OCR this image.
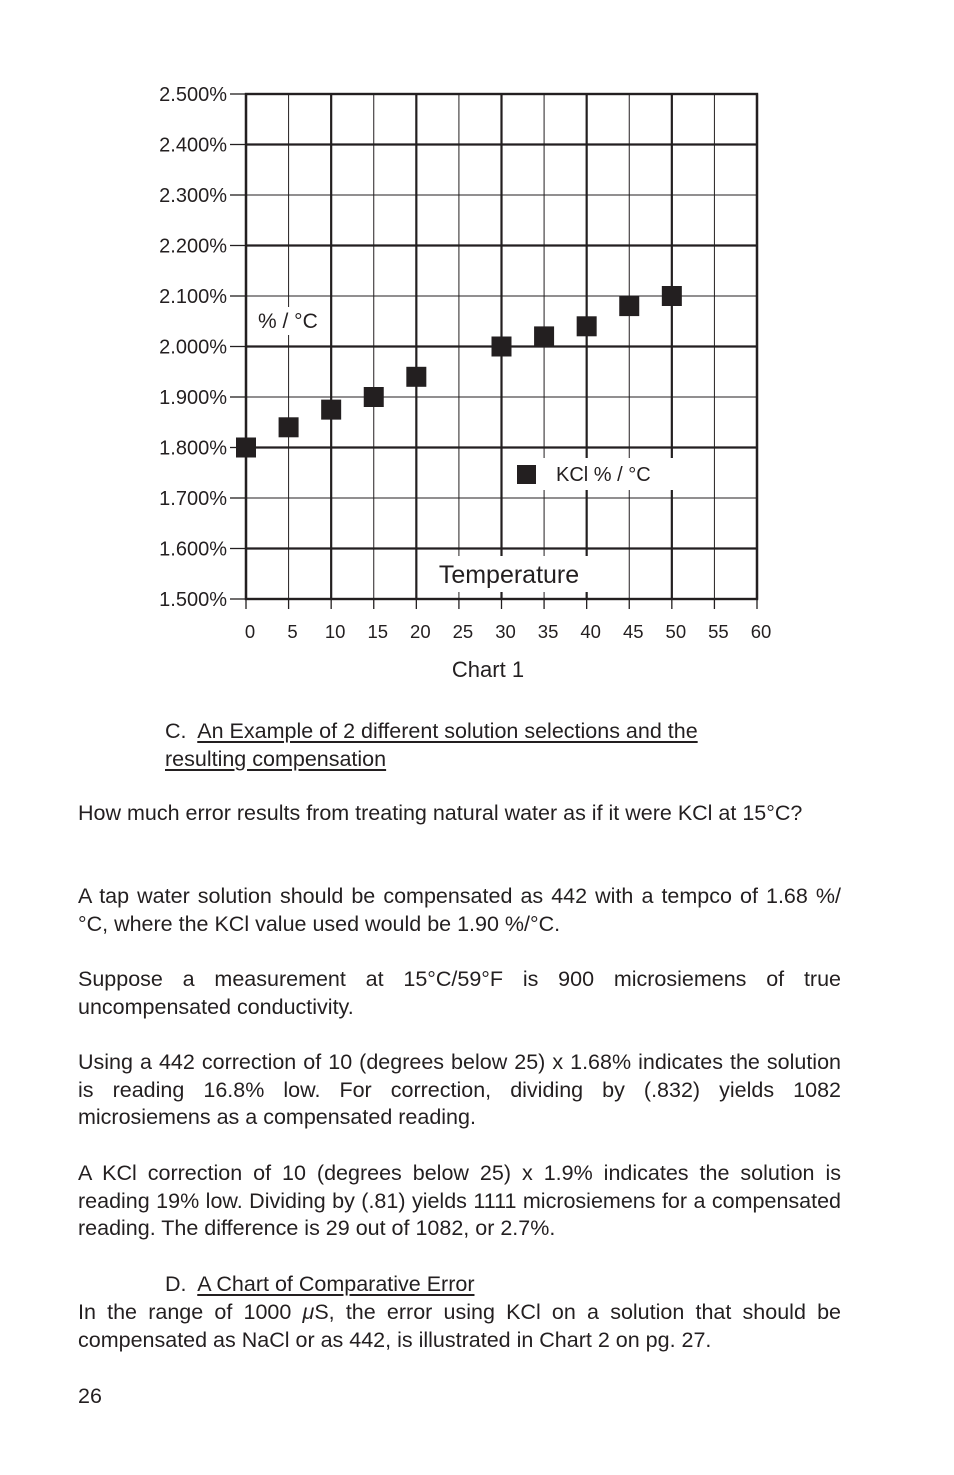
0 5 10 15 20 25 30 35 40 45 50 55 60
1.500%
1.600%
1.700%
1.800%
1.900%
2.000%
2.100%
2.200%
2.300%
2.400%
2.500%
% / °C
KCl % / °C
Temperature
Chart 1
C. An Example of 2 different solution selections and the
resulting compensation

How much error results from treating natural water as if it were KCl at 15°C?

A tap water solution should be compensated as 442 with a tempco of 1.68 %/°C, where the KCl value used would be 1.90 %/°C.

Suppose a measurement at 15°C/59°F is 900 microsiemens of true uncompensated conductivity.

Using a 442 correction of 10 (degrees below 25) x 1.68% indicates the solution is reading 16.8% low. For correction, dividing by (.832) yields 1082 microsiemens as a compensated reading.

A KCl correction of 10 (degrees below 25) x 1.9% indicates the solution is reading 19% low. Dividing by (.81) yields 1111 microsiemens for a compensated reading. The difference is 29 out of 1082, or 2.7%.

D. A Chart of Comparative Error

In the range of 1000 μS, the error using KCl on a solution that should be compensated as NaCl or as 442, is illustrated in Chart 2 on pg. 27.

26
